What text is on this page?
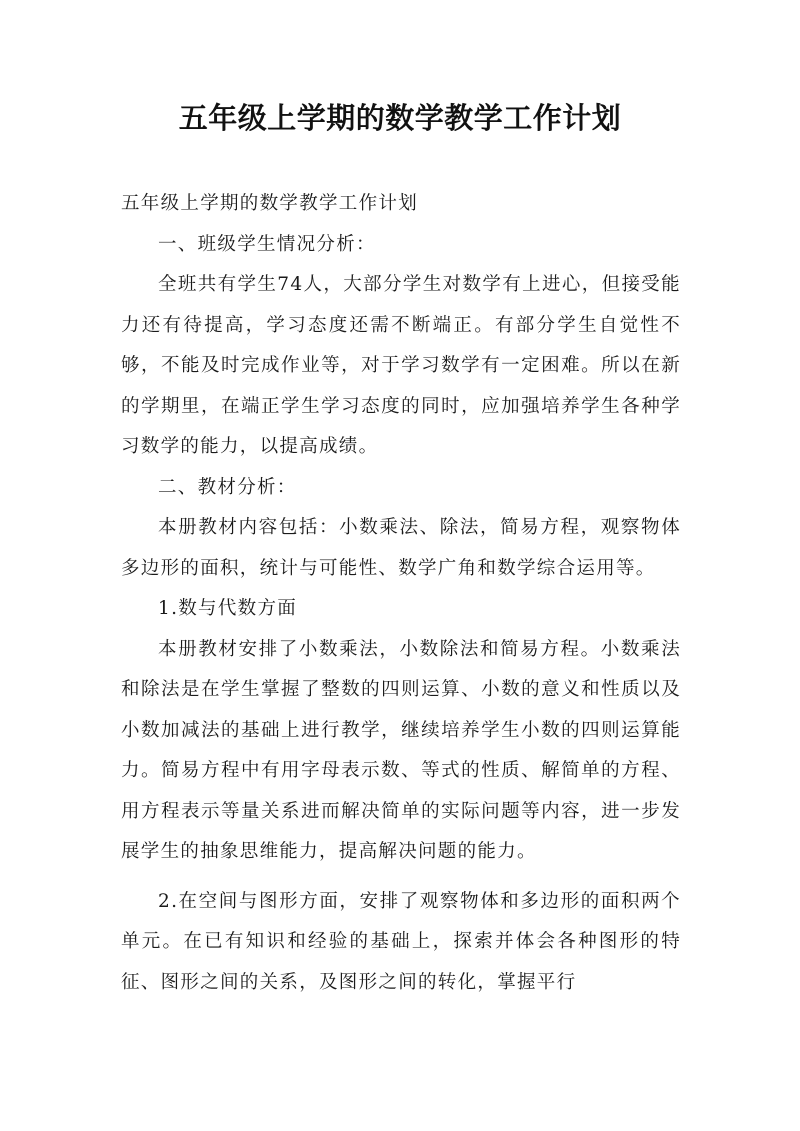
五年级上学期的数学教学工作计划

五年级上学期的数学教学工作计划

一、班级学生情况分析：

全班共有学生74人，大部分学生对数学有上进心，但接受能力还有待提高，学习态度还需不断端正。有部分学生自觉性不够，不能及时完成作业等，对于学习数学有一定困难。所以在新的学期里，在端正学生学习态度的同时，应加强培养学生各种学习数学的能力，以提高成绩。

二、教材分析：

本册教材内容包括：小数乘法、除法，简易方程，观察物体多边形的面积，统计与可能性、数学广角和数学综合运用等。

1.数与代数方面

本册教材安排了小数乘法，小数除法和简易方程。小数乘法和除法是在学生掌握了整数的四则运算、小数的意义和性质以及小数加减法的基础上进行教学，继续培养学生小数的四则运算能力。简易方程中有用字母表示数、等式的性质、解简单的方程、用方程表示等量关系进而解决简单的实际问题等内容，进一步发展学生的抽象思维能力，提高解决问题的能力。

2.在空间与图形方面，安排了观察物体和多边形的面积两个单元。在已有知识和经验的基础上，探索并体会各种图形的特征、图形之间的关系，及图形之间的转化，掌握平行
